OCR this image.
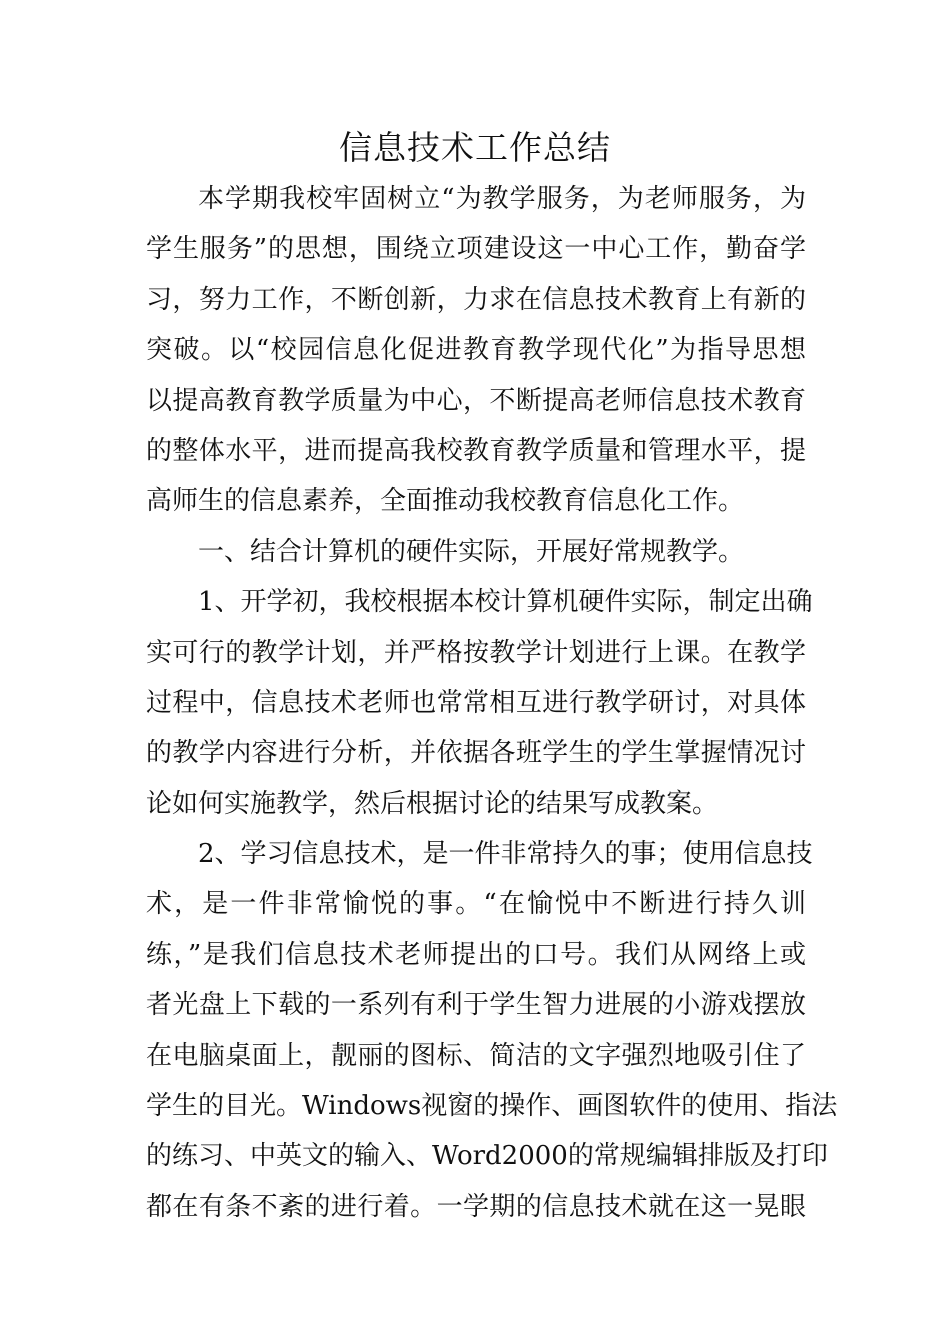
信息技术工作总结
本学期我校牢固树立“为教学服务，为老师服务，为
学生服务”的思想，围绕立项建设这一中心工作，勤奋学
习，努力工作，不断创新，力求在信息技术教育上有新的
突破。以“校园信息化促进教育教学现代化”为指导思想
以提高教育教学质量为中心，不断提高老师信息技术教育
的整体水平，进而提高我校教育教学质量和管理水平，提
高师生的信息素养，全面推动我校教育信息化工作。
一、结合计算机的硬件实际，开展好常规教学。
1、开学初，我校根据本校计算机硬件实际，制定出确
实可行的教学计划，并严格按教学计划进行上课。在教学
过程中，信息技术老师也常常相互进行教学研讨，对具体
的教学内容进行分析，并依据各班学生的学生掌握情况讨
论如何实施教学，然后根据讨论的结果写成教案。
2、学习信息技术，是一件非常持久的事；使用信息技
术，是一件非常愉悦的事。“在愉悦中不断进行持久训
练，”是我们信息技术老师提出的口号。我们从网络上或
者光盘上下载的一系列有利于学生智力进展的小游戏摆放
在电脑桌面上，靓丽的图标、简洁的文字强烈地吸引住了
学生的目光。Windows视窗的操作、画图软件的使用、指法
的练习、中英文的输入、Word2000的常规编辑排版及打印
都在有条不紊的进行着。一学期的信息技术就在这一晃眼
